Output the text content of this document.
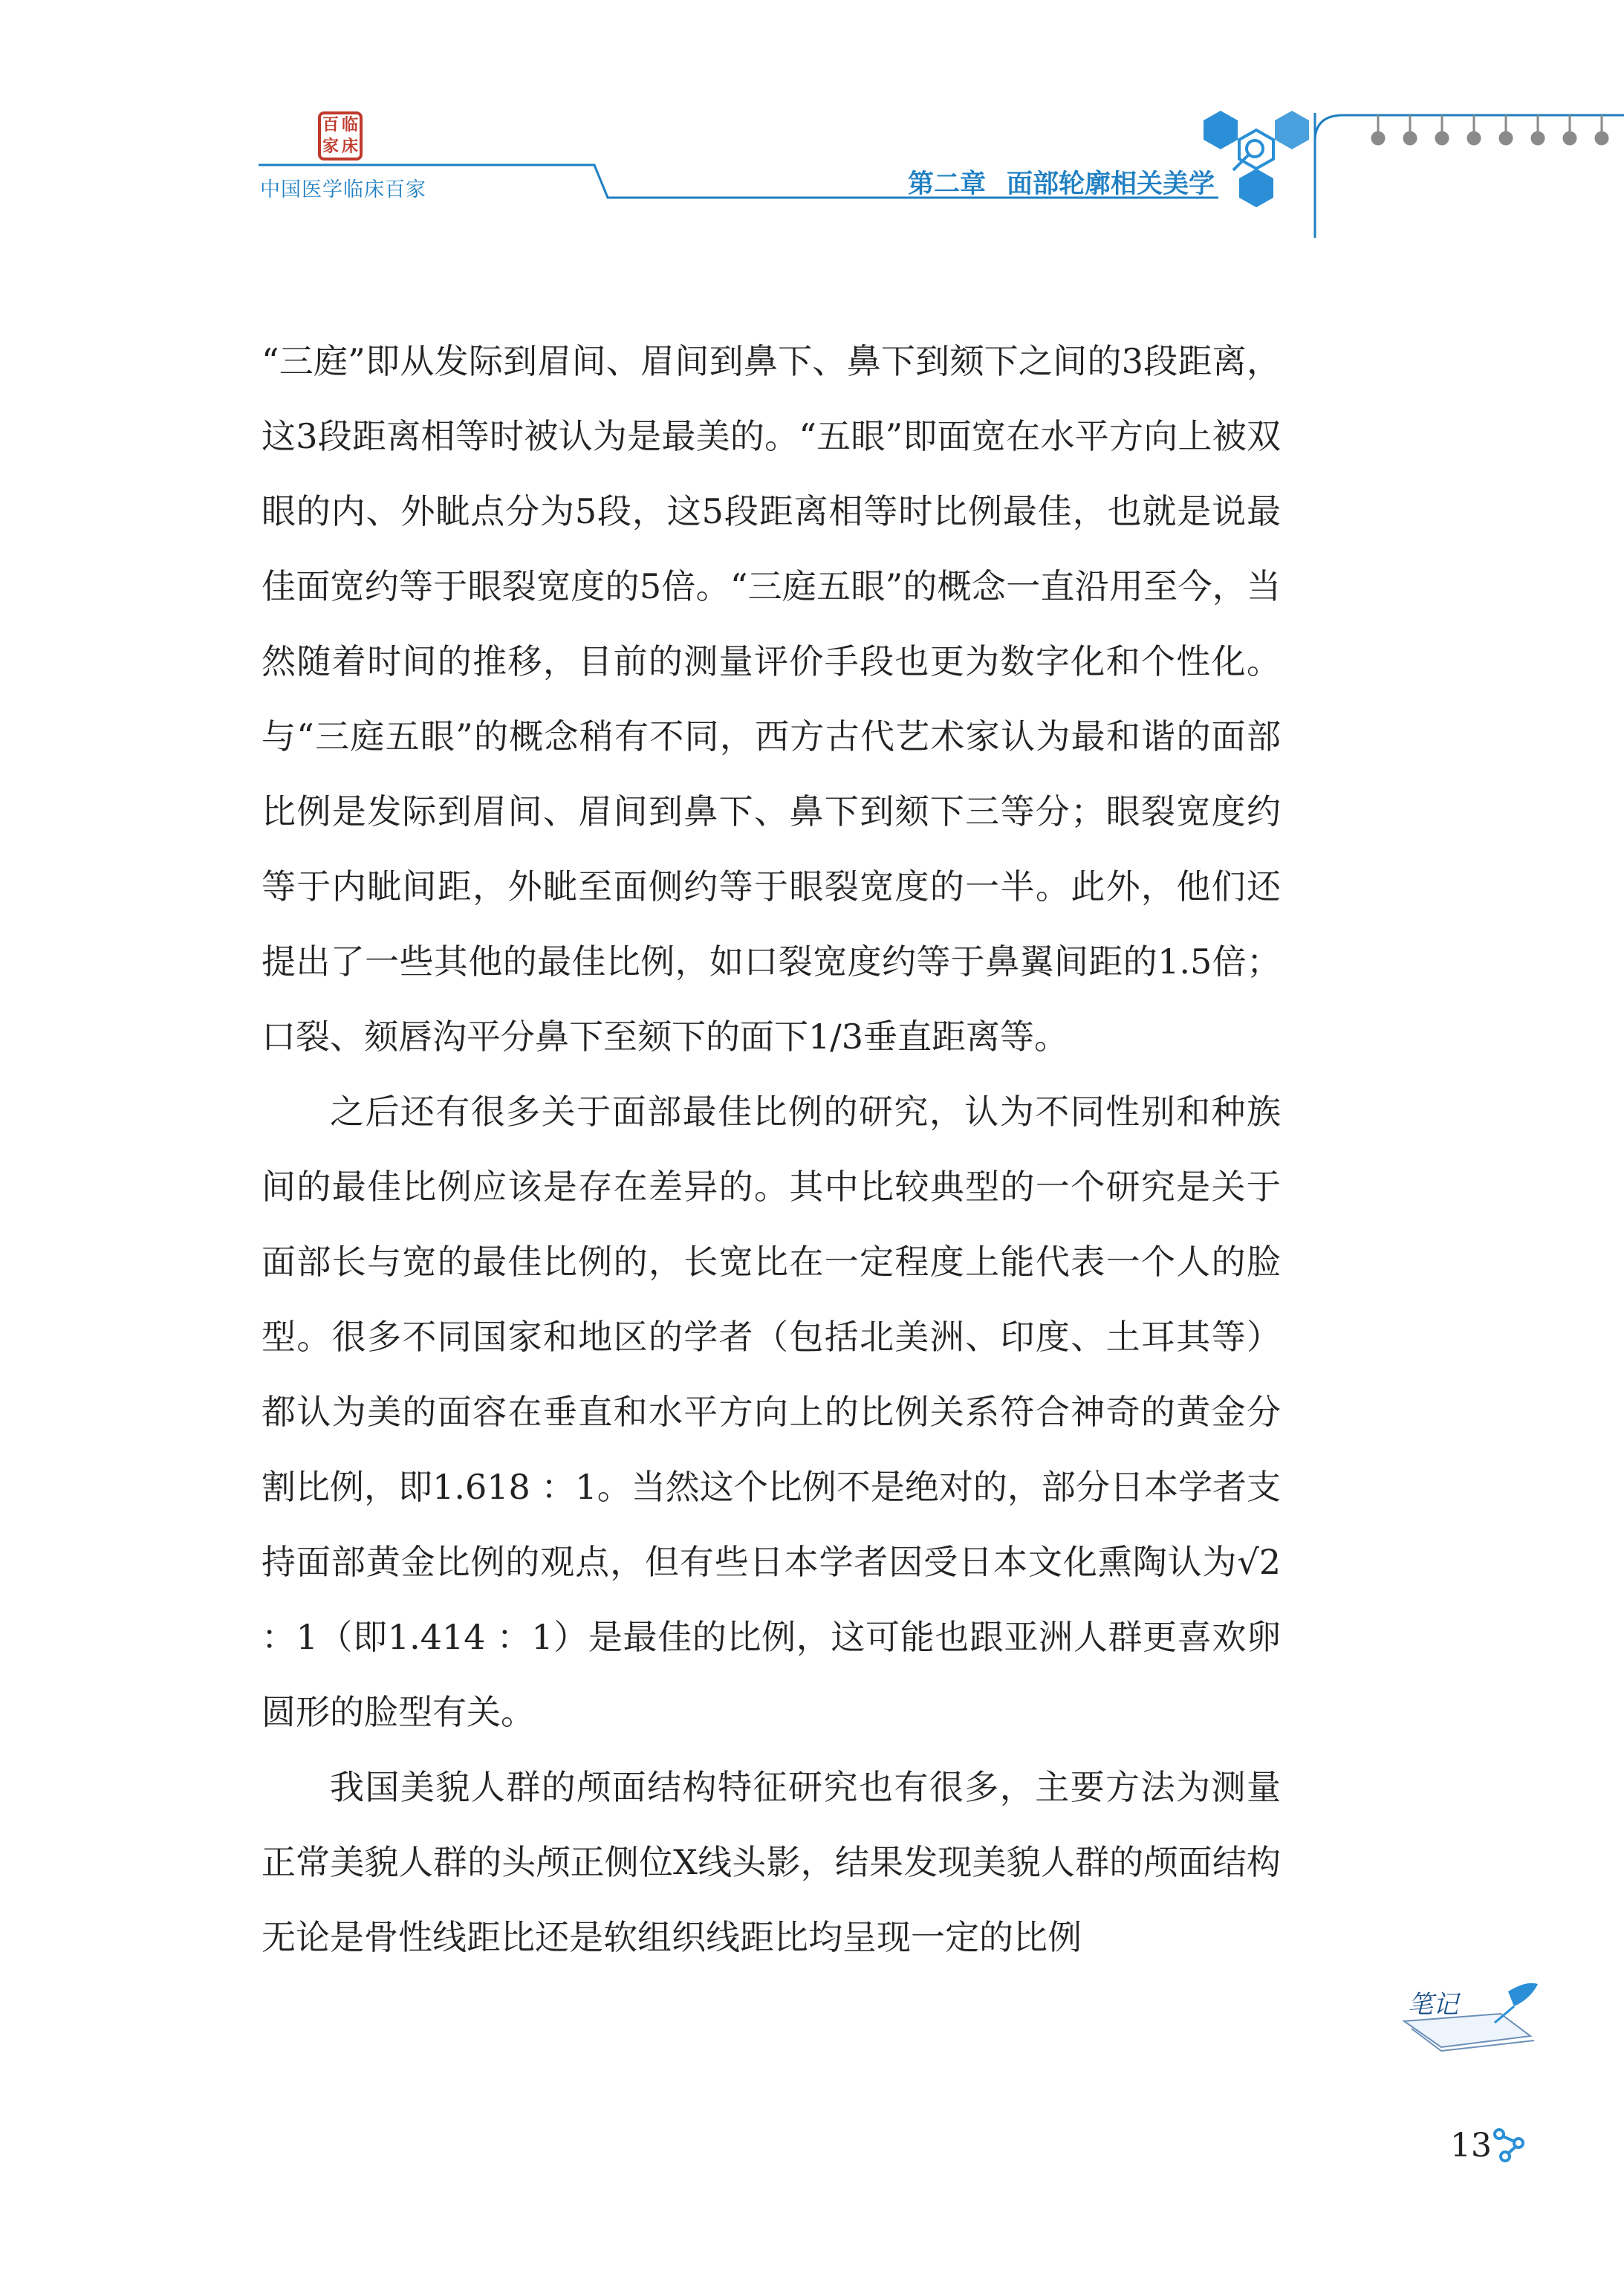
百 临
家 床
中国医学临床百家	第二章 面部轮廓相关美学

“三庭”即从发际到眉间、眉间到鼻下、鼻下到颏下之间的3段距离，这3段距离相等时被认为是最美的。“五眼”即面宽在水平方向上被双眼的内、外眦点分为5段，这5段距离相等时比例最佳，也就是说最佳面宽约等于眼裂宽度的5倍。“三庭五眼”的概念一直沿用至今，当然随着时间的推移，目前的测量评价手段也更为数字化和个性化。与“三庭五眼”的概念稍有不同，西方古代艺术家认为最和谐的面部比例是发际到眉间、眉间到鼻下、鼻下到颏下三等分；眼裂宽度约等于内眦间距，外眦至面侧约等于眼裂宽度的一半。此外，他们还提出了一些其他的最佳比例，如口裂宽度约等于鼻翼间距的1.5倍；口裂、颏唇沟平分鼻下至颏下的面下1/3垂直距离等。

之后还有很多关于面部最佳比例的研究，认为不同性别和种族间的最佳比例应该是存在差异的。其中比较典型的一个研究是关于面部长与宽的最佳比例的，长宽比在一定程度上能代表一个人的脸型。很多不同国家和地区的学者（包括北美洲、印度、土耳其等）都认为美的面容在垂直和水平方向上的比例关系符合神奇的黄金分割比例，即1.618 ：1。当然这个比例不是绝对的，部分日本学者支持面部黄金比例的观点，但有些日本学者因受日本文化熏陶认为√2 ：1（即1.414 ：1）是最佳的比例，这可能也跟亚洲人群更喜欢卵圆形的脸型有关。

我国美貌人群的颅面结构特征研究也有很多，主要方法为测量正常美貌人群的头颅正侧位X线头影，结果发现美貌人群的颅面结构无论是骨性线距比还是软组织线距比均呈现一定的比例

笔记
13
